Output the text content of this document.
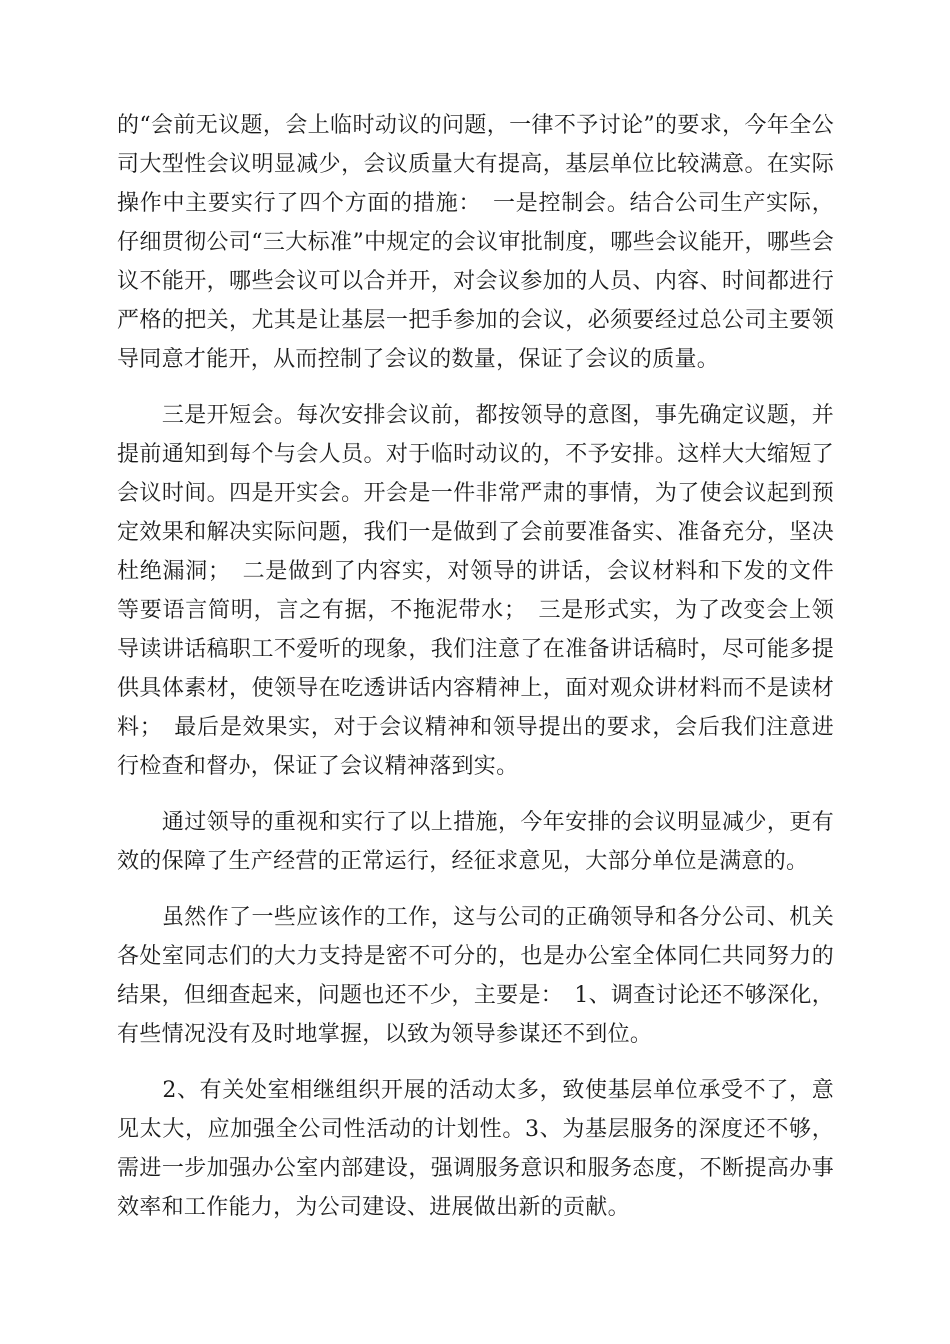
的“会前无议题，会上临时动议的问题，一律不予讨论”的要求，今年全公司大型性会议明显减少，会议质量大有提高，基层单位比较满意。在实际操作中主要实行了四个方面的措施：　一是控制会。结合公司生产实际，仔细贯彻公司“三大标准”中规定的会议审批制度，哪些会议能开，哪些会议不能开，哪些会议可以合并开，对会议参加的人员、内容、时间都进行严格的把关，尤其是让基层一把手参加的会议，必须要经过总公司主要领导同意才能开，从而控制了会议的数量，保证了会议的质量。

　　三是开短会。每次安排会议前，都按领导的意图，事先确定议题，并提前通知到每个与会人员。对于临时动议的，不予安排。这样大大缩短了会议时间。四是开实会。开会是一件非常严肃的事情，为了使会议起到预定效果和解决实际问题，我们一是做到了会前要准备实、准备充分，坚决杜绝漏洞；　二是做到了内容实，对领导的讲话，会议材料和下发的文件等要语言简明，言之有据，不拖泥带水；　三是形式实，为了改变会上领导读讲话稿职工不爱听的现象，我们注意了在准备讲话稿时，尽可能多提供具体素材，使领导在吃透讲话内容精神上，面对观众讲材料而不是读材料；　最后是效果实，对于会议精神和领导提出的要求，会后我们注意进行检查和督办，保证了会议精神落到实。

　　通过领导的重视和实行了以上措施，今年安排的会议明显减少，更有效的保障了生产经营的正常运行，经征求意见，大部分单位是满意的。

　　虽然作了一些应该作的工作，这与公司的正确领导和各分公司、机关各处室同志们的大力支持是密不可分的，也是办公室全体同仁共同努力的结果，但细查起来，问题也还不少，主要是：　1、调查讨论还不够深化，有些情况没有及时地掌握，以致为领导参谋还不到位。

　　2、有关处室相继组织开展的活动太多，致使基层单位承受不了，意见太大，应加强全公司性活动的计划性。3、为基层服务的深度还不够，需进一步加强办公室内部建设，强调服务意识和服务态度，不断提高办事效率和工作能力，为公司建设、进展做出新的贡献。
